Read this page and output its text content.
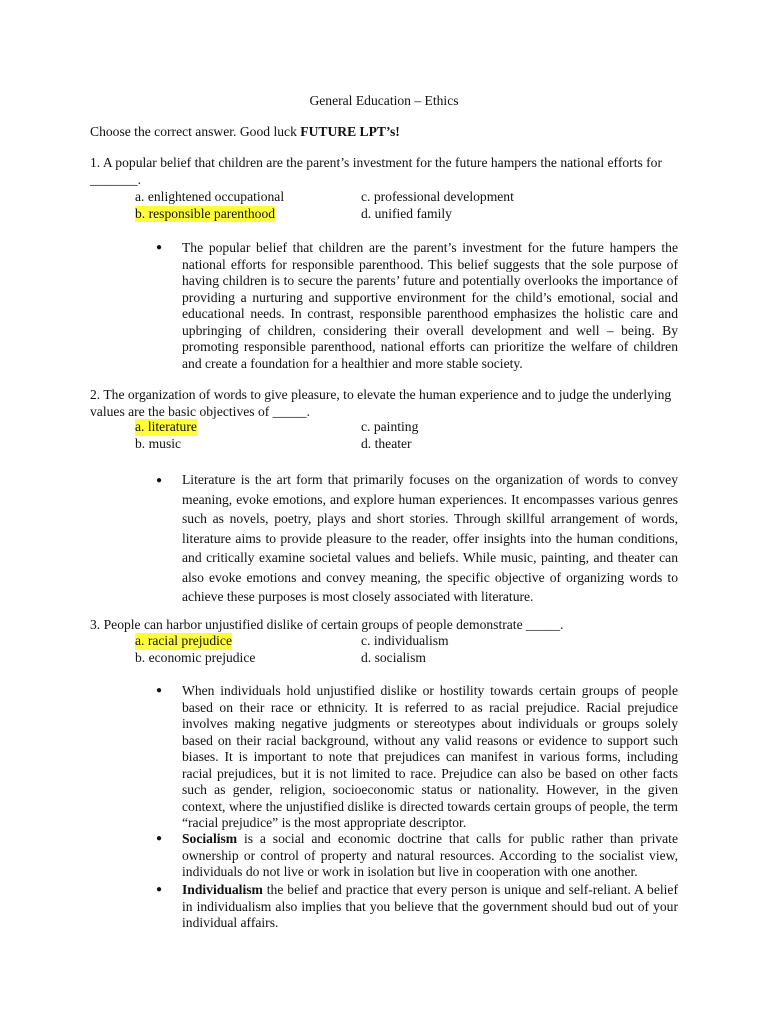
General Education – Ethics
Choose the correct answer. Good luck FUTURE LPT’s!
1. A popular belief that children are the parent’s investment for the future hampers the national efforts for _______.
a. enlightened occupational	c. professional development
b. responsible parenthood	d. unified family
● The popular belief that children are the parent’s investment for the future hampers the national efforts for responsible parenthood. This belief suggests that the sole purpose of having children is to secure the parents’ future and potentially overlooks the importance of providing a nurturing and supportive environment for the child’s emotional, social and educational needs. In contrast, responsible parenthood emphasizes the holistic care and upbringing of children, considering their overall development and well – being. By promoting responsible parenthood, national efforts can prioritize the welfare of children and create a foundation for a healthier and more stable society.
2. The organization of words to give pleasure, to elevate the human experience and to judge the underlying values are the basic objectives of _____.
a. literature	c. painting
b. music	d. theater
● Literature is the art form that primarily focuses on the organization of words to convey meaning, evoke emotions, and explore human experiences. It encompasses various genres such as novels, poetry, plays and short stories. Through skillful arrangement of words, literature aims to provide pleasure to the reader, offer insights into the human conditions, and critically examine societal values and beliefs. While music, painting, and theater can also evoke emotions and convey meaning, the specific objective of organizing words to achieve these purposes is most closely associated with literature.
3. People can harbor unjustified dislike of certain groups of people demonstrate _____.
a. racial prejudice	c. individualism
b. economic prejudice	d. socialism
● When individuals hold unjustified dislike or hostility towards certain groups of people based on their race or ethnicity. It is referred to as racial prejudice. Racial prejudice involves making negative judgments or stereotypes about individuals or groups solely based on their racial background, without any valid reasons or evidence to support such biases. It is important to note that prejudices can manifest in various forms, including racial prejudices, but it is not limited to race. Prejudice can also be based on other facts such as gender, religion, socioeconomic status or nationality. However, in the given context, where the unjustified dislike is directed towards certain groups of people, the term “racial prejudice” is the most appropriate descriptor.
● Socialism is a social and economic doctrine that calls for public rather than private ownership or control of property and natural resources. According to the socialist view, individuals do not live or work in isolation but live in cooperation with one another.
● Individualism the belief and practice that every person is unique and self-reliant. A belief in individualism also implies that you believe that the government should bud out of your individual affairs.
